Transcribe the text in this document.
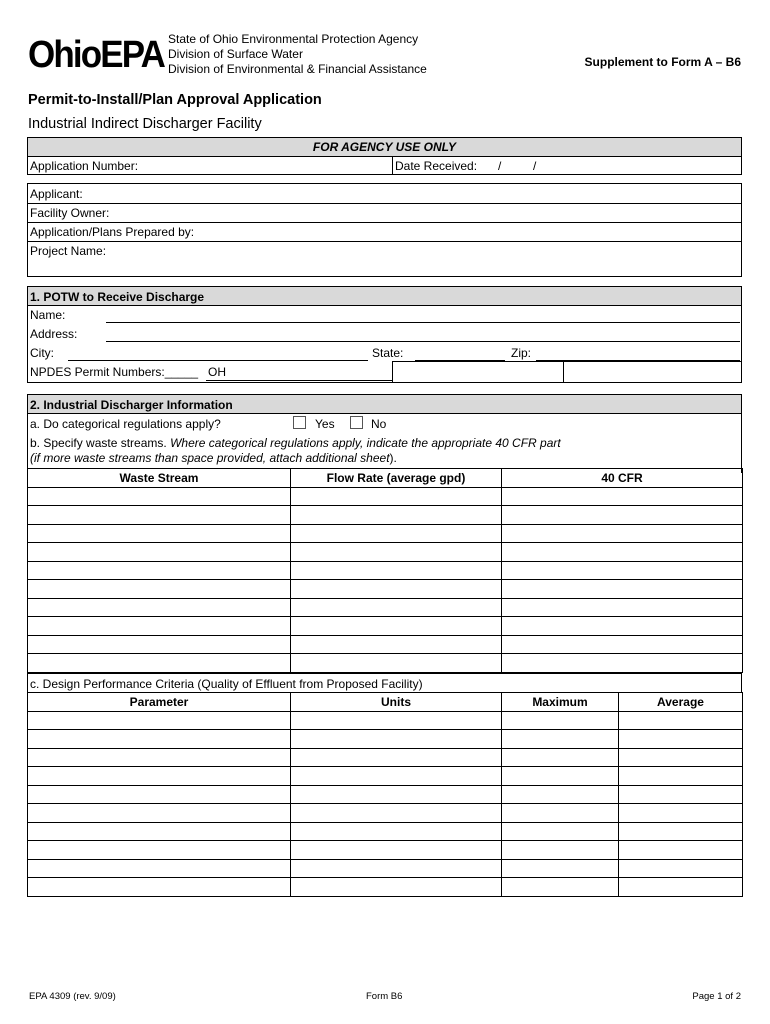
OhioEPA State of Ohio Environmental Protection Agency
Division of Surface Water
Division of Environmental & Financial Assistance	Supplement to Form A – B6
Permit-to-Install/Plan Approval Application
Industrial Indirect Discharger Facility
FOR AGENCY USE ONLY
Application Number:	Date Received: /	/
Applicant:
Facility Owner:
Application/Plans Prepared by:
Project Name:
1. POTW to Receive Discharge
Name:
Address:
City:	State:	Zip:
NPDES Permit Numbers:_____ OH
2. Industrial Discharger Information
a. Do categorical regulations apply?	Yes	No
b. Specify waste streams. Where categorical regulations apply, indicate the appropriate 40 CFR part
(if more waste streams than space provided, attach additional sheet).
Waste Stream	Flow Rate (average gpd)	40 CFR

c. Design Performance Criteria (Quality of Effluent from Proposed Facility)
Parameter	Units	Maximum	Average

EPA 4309 (rev. 9/09)	Form B6	Page 1 of 2
